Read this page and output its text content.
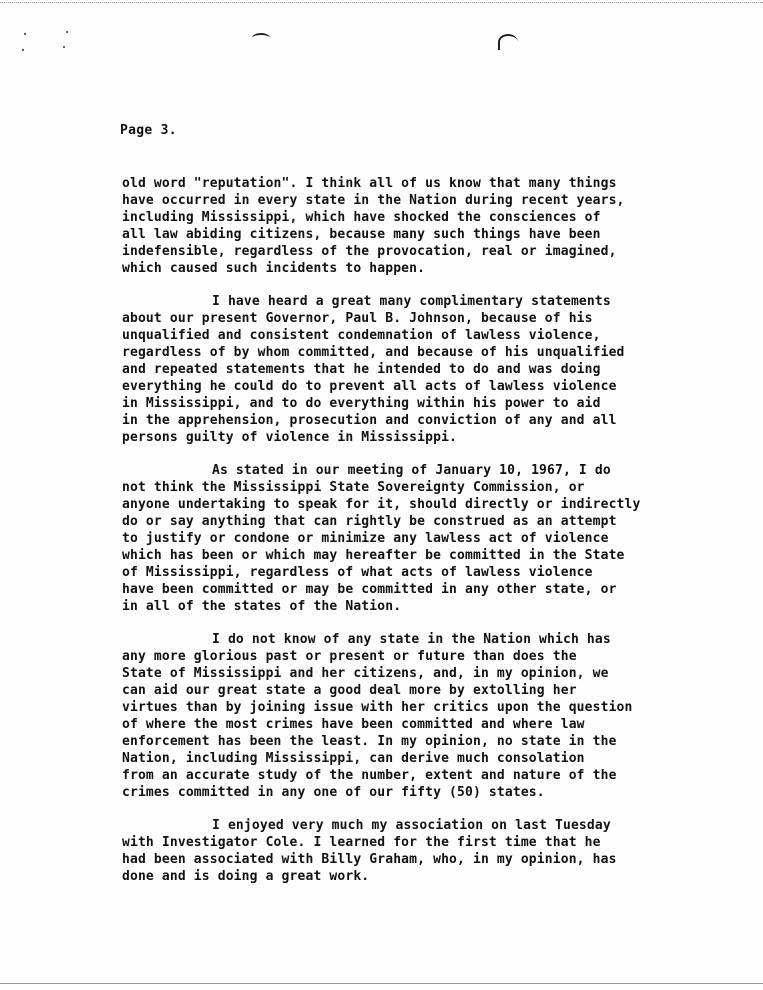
Page 3.
old word "reputation". I think all of us know that many things
have occurred in every state in the Nation during recent years,
including Mississippi, which have shocked the consciences of
all law abiding citizens, because many such things have been
indefensible, regardless of the provocation, real or imagined,
which caused such incidents to happen.
I have heard a great many complimentary statements
about our present Governor, Paul B. Johnson, because of his
unqualified and consistent condemnation of lawless violence,
regardless of by whom committed, and because of his unqualified
and repeated statements that he intended to do and was doing
everything he could do to prevent all acts of lawless violence
in Mississippi, and to do everything within his power to aid
in the apprehension, prosecution and conviction of any and all
persons guilty of violence in Mississippi.
As stated in our meeting of January 10, 1967, I do
not think the Mississippi State Sovereignty Commission, or
anyone undertaking to speak for it, should directly or indirectly
do or say anything that can rightly be construed as an attempt
to justify or condone or minimize any lawless act of violence
which has been or which may hereafter be committed in the State
of Mississippi, regardless of what acts of lawless violence
have been committed or may be committed in any other state, or
in all of the states of the Nation.
I do not know of any state in the Nation which has
any more glorious past or present or future than does the
State of Mississippi and her citizens, and, in my opinion, we
can aid our great state a good deal more by extolling her
virtues than by joining issue with her critics upon the question
of where the most crimes have been committed and where law
enforcement has been the least. In my opinion, no state in the
Nation, including Mississippi, can derive much consolation
from an accurate study of the number, extent and nature of the
crimes committed in any one of our fifty (50) states.
I enjoyed very much my association on last Tuesday
with Investigator Cole. I learned for the first time that he
had been associated with Billy Graham, who, in my opinion, has
done and is doing a great work.
